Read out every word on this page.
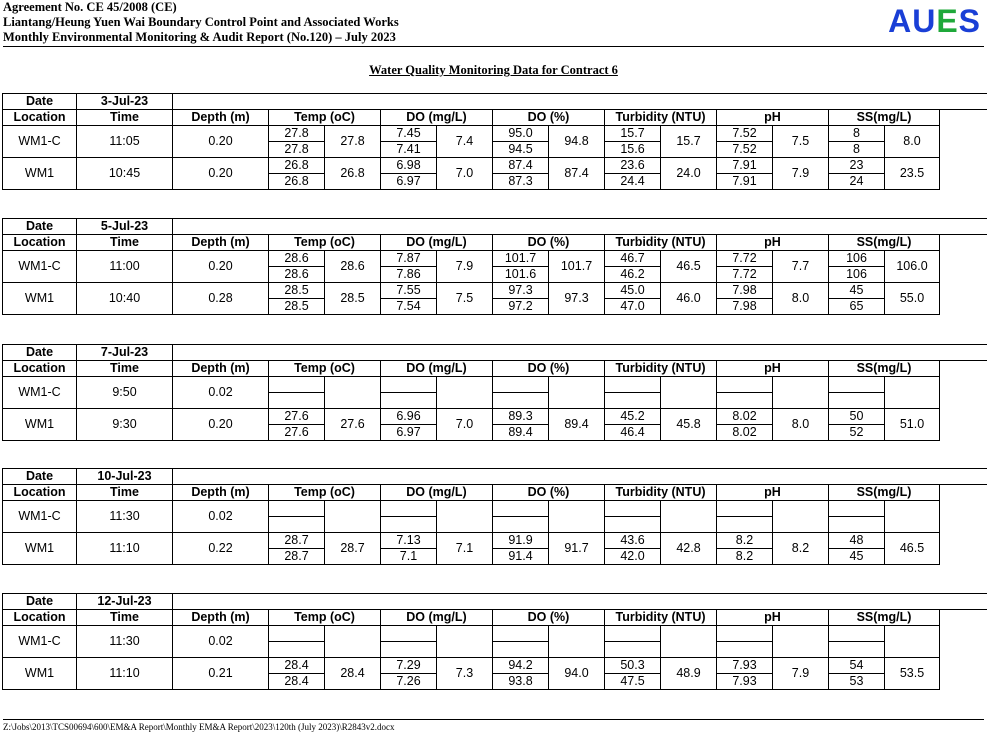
Agreement No. CE 45/2008 (CE)
Liantang/Heung Yuen Wai Boundary Control Point and Associated Works
Monthly Environmental Monitoring & Audit Report (No.120) – July 2023	AUES
Water Quality Monitoring Data for Contract 6
Date	3-Jul-23													
Location	Time	Depth (m)	Temp (oC)		DO (mg/L)		DO (%)		Turbidity (NTU)		pH		SS(mg/L)	
WM1-C	11:05	0.20	27.8	27.8	7.45	7.4	95.0	94.8	15.7	15.7	7.52	7.5	8	8.0
			27.8		7.41		94.5		15.6		7.52		8	
WM1	10:45	0.20	26.8	26.8	6.98	7.0	87.4	87.4	23.6	24.0	7.91	7.9	23	23.5
			26.8		6.97		87.3		24.4		7.91		24	
Date	5-Jul-23													
Location	Time	Depth (m)	Temp (oC)		DO (mg/L)		DO (%)		Turbidity (NTU)		pH		SS(mg/L)	
WM1-C	11:00	0.20	28.6	28.6	7.87	7.9	101.7	101.7	46.7	46.5	7.72	7.7	106	106.0
			28.6		7.86		101.6		46.2		7.72		106	
WM1	10:40	0.28	28.5	28.5	7.55	7.5	97.3	97.3	45.0	46.0	7.98	8.0	45	55.0
			28.5		7.54		97.2		47.0		7.98		65	
Date	7-Jul-23													
Location	Time	Depth (m)	Temp (oC)		DO (mg/L)		DO (%)		Turbidity (NTU)		pH		SS(mg/L)	
WM1-C	9:50	0.02												

WM1	9:30	0.20	27.6	27.6	6.96	7.0	89.3	89.4	45.2	45.8	8.02	8.0	50	51.0
			27.6		6.97		89.4		46.4		8.02		52	
Date	10-Jul-23													
Location	Time	Depth (m)	Temp (oC)		DO (mg/L)		DO (%)		Turbidity (NTU)		pH		SS(mg/L)	
WM1-C	11:30	0.02												

WM1	11:10	0.22	28.7	28.7	7.13	7.1	91.9	91.7	43.6	42.8	8.2	8.2	48	46.5
			28.7		7.1		91.4		42.0		8.2		45	
Date	12-Jul-23													
Location	Time	Depth (m)	Temp (oC)		DO (mg/L)		DO (%)		Turbidity (NTU)		pH		SS(mg/L)	
WM1-C	11:30	0.02												

WM1	11:10	0.21	28.4	28.4	7.29	7.3	94.2	94.0	50.3	48.9	7.93	7.9	54	53.5
			28.4		7.26		93.8		47.5		7.93		53	
Z:\Jobs\2013\TCS00694\600\EM&A Report\Monthly EM&A Report\2023\120th (July 2023)\R2843v2.docx
